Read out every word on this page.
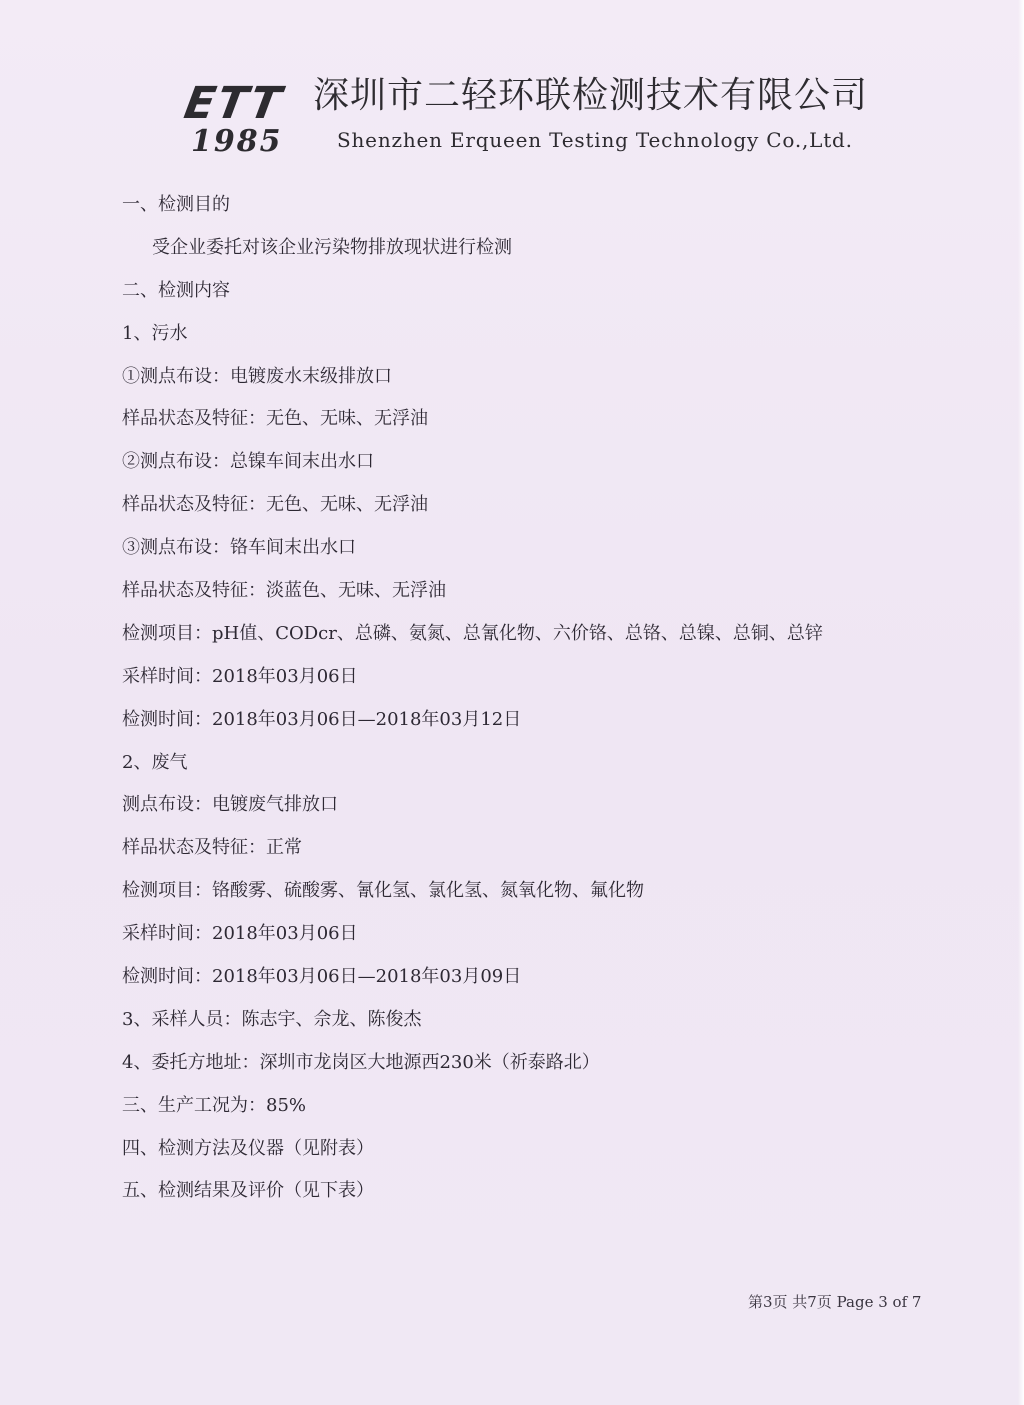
ETT
1985
深圳市二轻环联检测技术有限公司
Shenzhen Erqueen Testing Technology Co.,Ltd.
一、检测目的
受企业委托对该企业污染物排放现状进行检测
二、检测内容
1、污水
①测点布设：电镀废水末级排放口
样品状态及特征：无色、无味、无浮油
②测点布设：总镍车间末出水口
样品状态及特征：无色、无味、无浮油
③测点布设：铬车间末出水口
样品状态及特征：淡蓝色、无味、无浮油
检测项目：pH值、CODcr、总磷、氨氮、总氰化物、六价铬、总铬、总镍、总铜、总锌
采样时间：2018年03月06日
检测时间：2018年03月06日—2018年03月12日
2、废气
测点布设：电镀废气排放口
样品状态及特征：正常
检测项目：铬酸雾、硫酸雾、氰化氢、氯化氢、氮氧化物、氟化物
采样时间：2018年03月06日
检测时间：2018年03月06日—2018年03月09日
3、采样人员：陈志宇、佘龙、陈俊杰
4、委托方地址：深圳市龙岗区大地源西230米（祈泰路北）
三、生产工况为：85%
四、检测方法及仪器（见附表）
五、检测结果及评价（见下表）
第3页 共7页 Page 3 of 7
